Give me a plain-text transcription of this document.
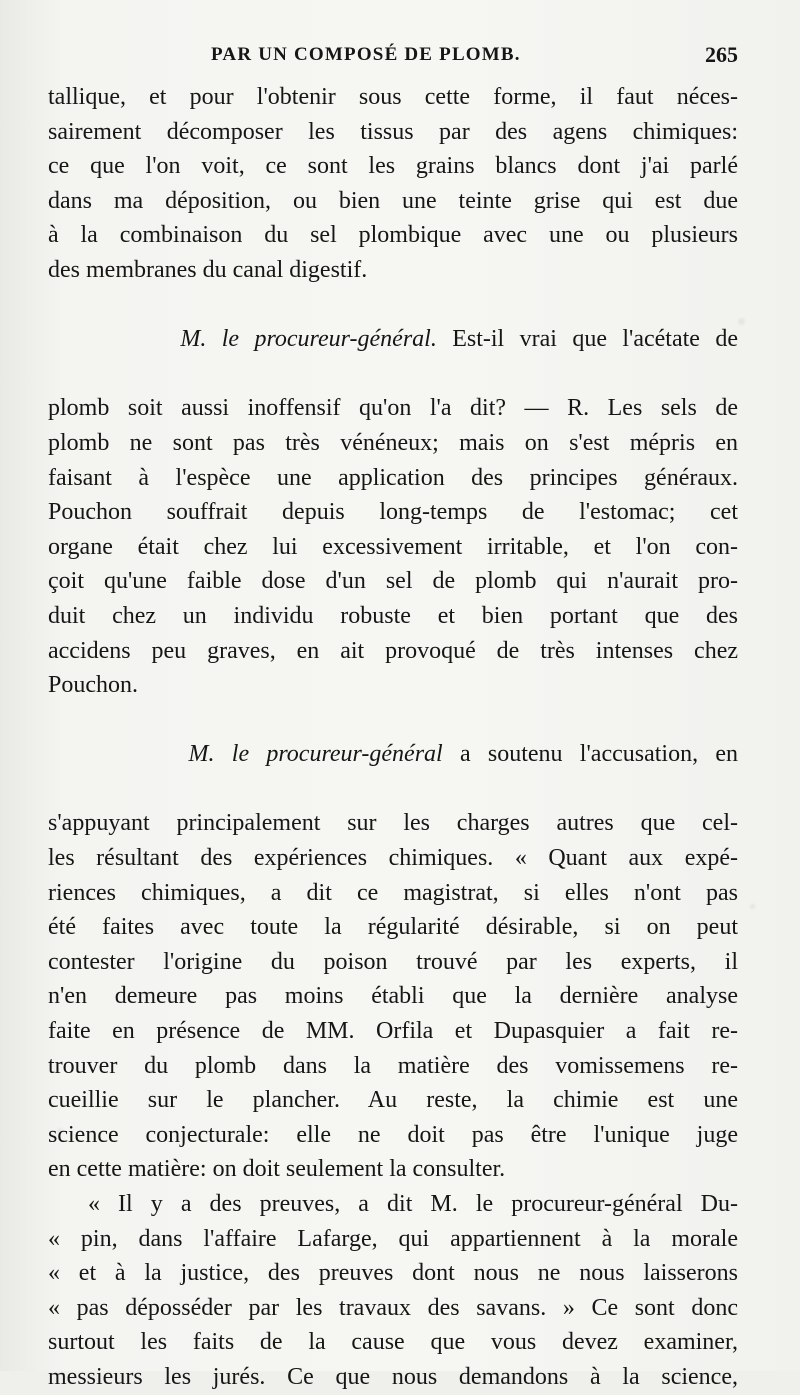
PAR UN COMPOSÉ DE PLOMB.	265
tallique, et pour l'obtenir sous cette forme, il faut néces-
sairement décomposer les tissus par des agens chimiques:
ce que l'on voit, ce sont les grains blancs dont j'ai parlé
dans ma déposition, ou bien une teinte grise qui est due
à la combinaison du sel plombique avec une ou plusieurs
des membranes du canal digestif.

M. le procureur-général. Est-il vrai que l'acétate de

plomb soit aussi inoffensif qu'on l'a dit? — R. Les sels de
plomb ne sont pas très vénéneux; mais on s'est mépris en
faisant à l'espèce une application des principes généraux.
Pouchon souffrait depuis long-temps de l'estomac; cet
organe était chez lui excessivement irritable, et l'on con-
çoit qu'une faible dose d'un sel de plomb qui n'aurait pro-
duit chez un individu robuste et bien portant que des
accidens peu graves, en ait provoqué de très intenses chez
Pouchon.

M. le procureur-général a soutenu l'accusation, en

s'appuyant principalement sur les charges autres que cel-
les résultant des expériences chimiques. « Quant aux expé-
riences chimiques, a dit ce magistrat, si elles n'ont pas
été faites avec toute la régularité désirable, si on peut
contester l'origine du poison trouvé par les experts, il
n'en demeure pas moins établi que la dernière analyse
faite en présence de MM. Orfila et Dupasquier a fait re-
trouver du plomb dans la matière des vomissemens re-
cueillie sur le plancher. Au reste, la chimie est une
science conjecturale: elle ne doit pas être l'unique juge
en cette matière: on doit seulement la consulter.
« Il y a des preuves, a dit M. le procureur-général Du-
« pin, dans l'affaire Lafarge, qui appartiennent à la morale
« et à la justice, des preuves dont nous ne nous laisserons
« pas déposséder par les travaux des savans. » Ce sont donc
surtout les faits de la cause que vous devez examiner,
messieurs les jurés. Ce que nous demandons à la science,
